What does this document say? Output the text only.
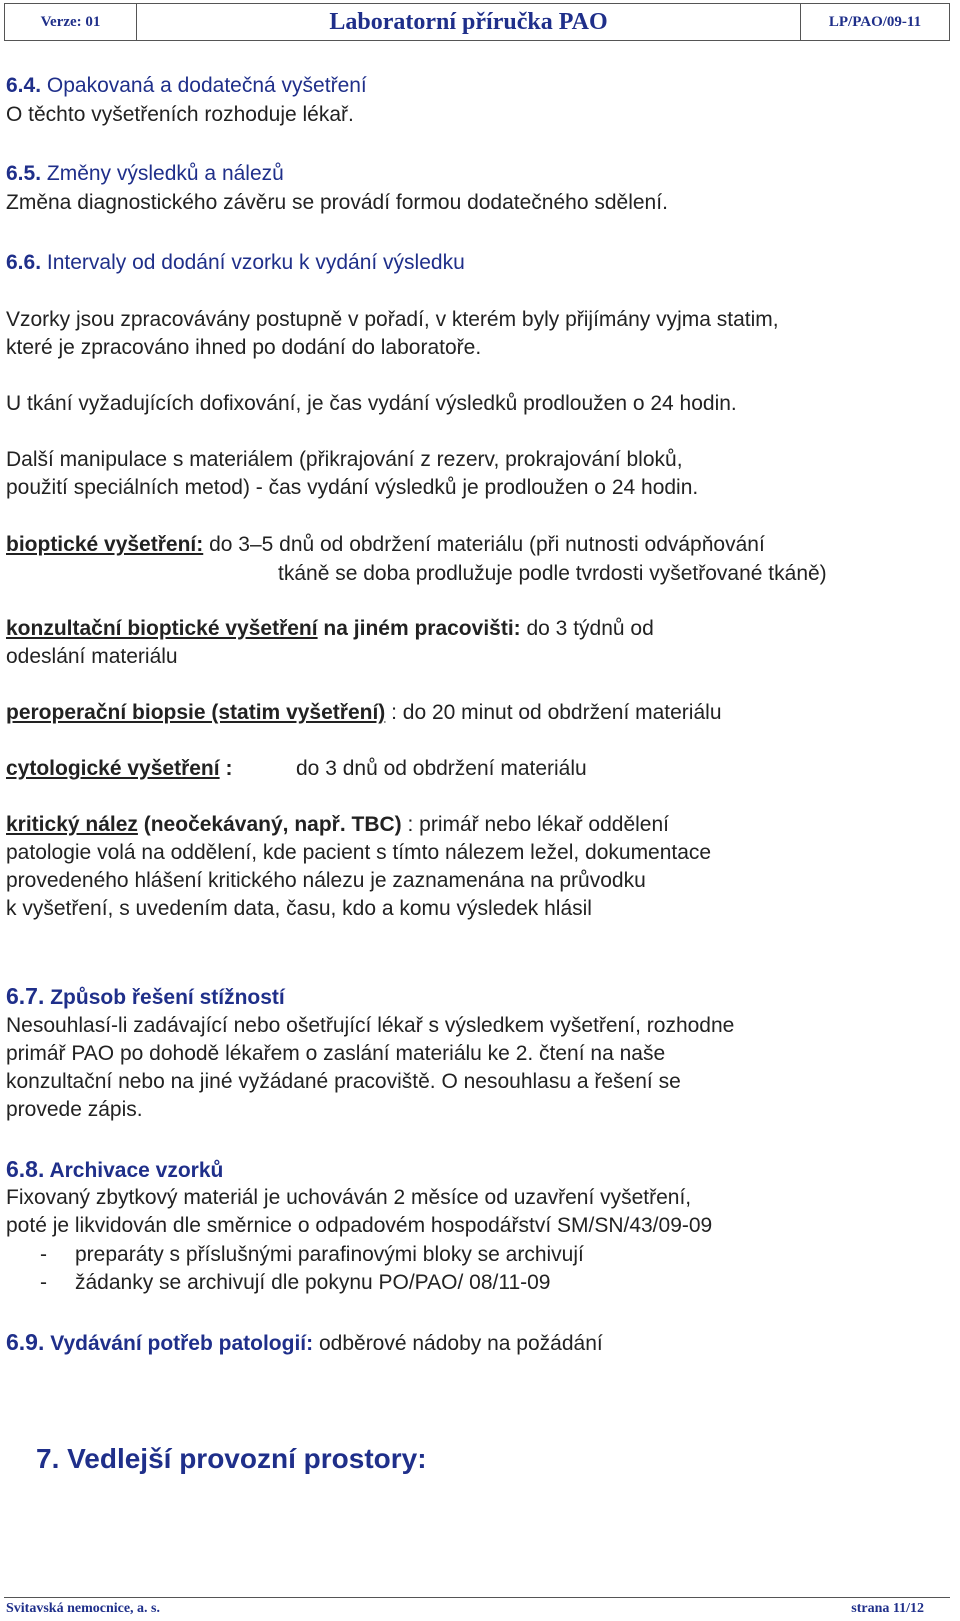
Verze: 01	Laboratorní příručka PAO	LP/PAO/09-11
6.4. Opakovaná a dodatečná vyšetření
O těchto vyšetřeních rozhoduje lékař.
6.5. Změny výsledků a nálezů
Změna diagnostického závěru se provádí formou dodatečného sdělení.
6.6. Intervaly od dodání vzorku k vydání výsledku
Vzorky jsou zpracovávány postupně v pořadí, v kterém byly přijímány vyjma statim,
které je zpracováno ihned po dodání do laboratoře.
U tkání vyžadujících dofixování, je čas vydání výsledků prodloužen o 24 hodin.
Další manipulace s materiálem (přikrajování z rezerv, prokrajování bloků,
použití speciálních metod) - čas vydání výsledků je prodloužen o 24 hodin.
bioptické vyšetření: do 3–5 dnů od obdržení materiálu (při nutnosti odvápňování
tkáně se doba prodlužuje podle tvrdosti vyšetřované tkáně)
konzultační bioptické vyšetření na jiném pracovišti: do 3 týdnů od
odeslání materiálu
peroperační biopsie (statim vyšetření) : do 20 minut od obdržení materiálu
cytologické vyšetření :	do 3 dnů od obdržení materiálu
kritický nález (neočekávaný, např. TBC) : primář nebo lékař oddělení
patologie volá na oddělení, kde pacient s tímto nálezem ležel, dokumentace
provedeného hlášení kritického nálezu je zaznamenána na průvodku
k vyšetření, s uvedením data, času, kdo a komu výsledek hlásil
6.7. Způsob řešení stížností
Nesouhlasí-li zadávající nebo ošetřující lékař s výsledkem vyšetření, rozhodne
primář PAO po dohodě lékařem o zaslání materiálu ke 2. čtení na naše
konzultační nebo na jiné vyžádané pracoviště. O nesouhlasu a řešení se
provede zápis.
6.8. Archivace vzorků
Fixovaný zbytkový materiál je uchováván 2 měsíce od uzavření vyšetření,
poté je likvidován dle směrnice o odpadovém hospodářství SM/SN/43/09-09
- preparáty s příslušnými parafinovými bloky se archivují
- žádanky se archivují dle pokynu PO/PAO/ 08/11-09
6.9. Vydávání potřeb patologií: odběrové nádoby na požádání
7. Vedlejší provozní prostory:
Svitavská nemocnice, a. s.	strana 11/12
